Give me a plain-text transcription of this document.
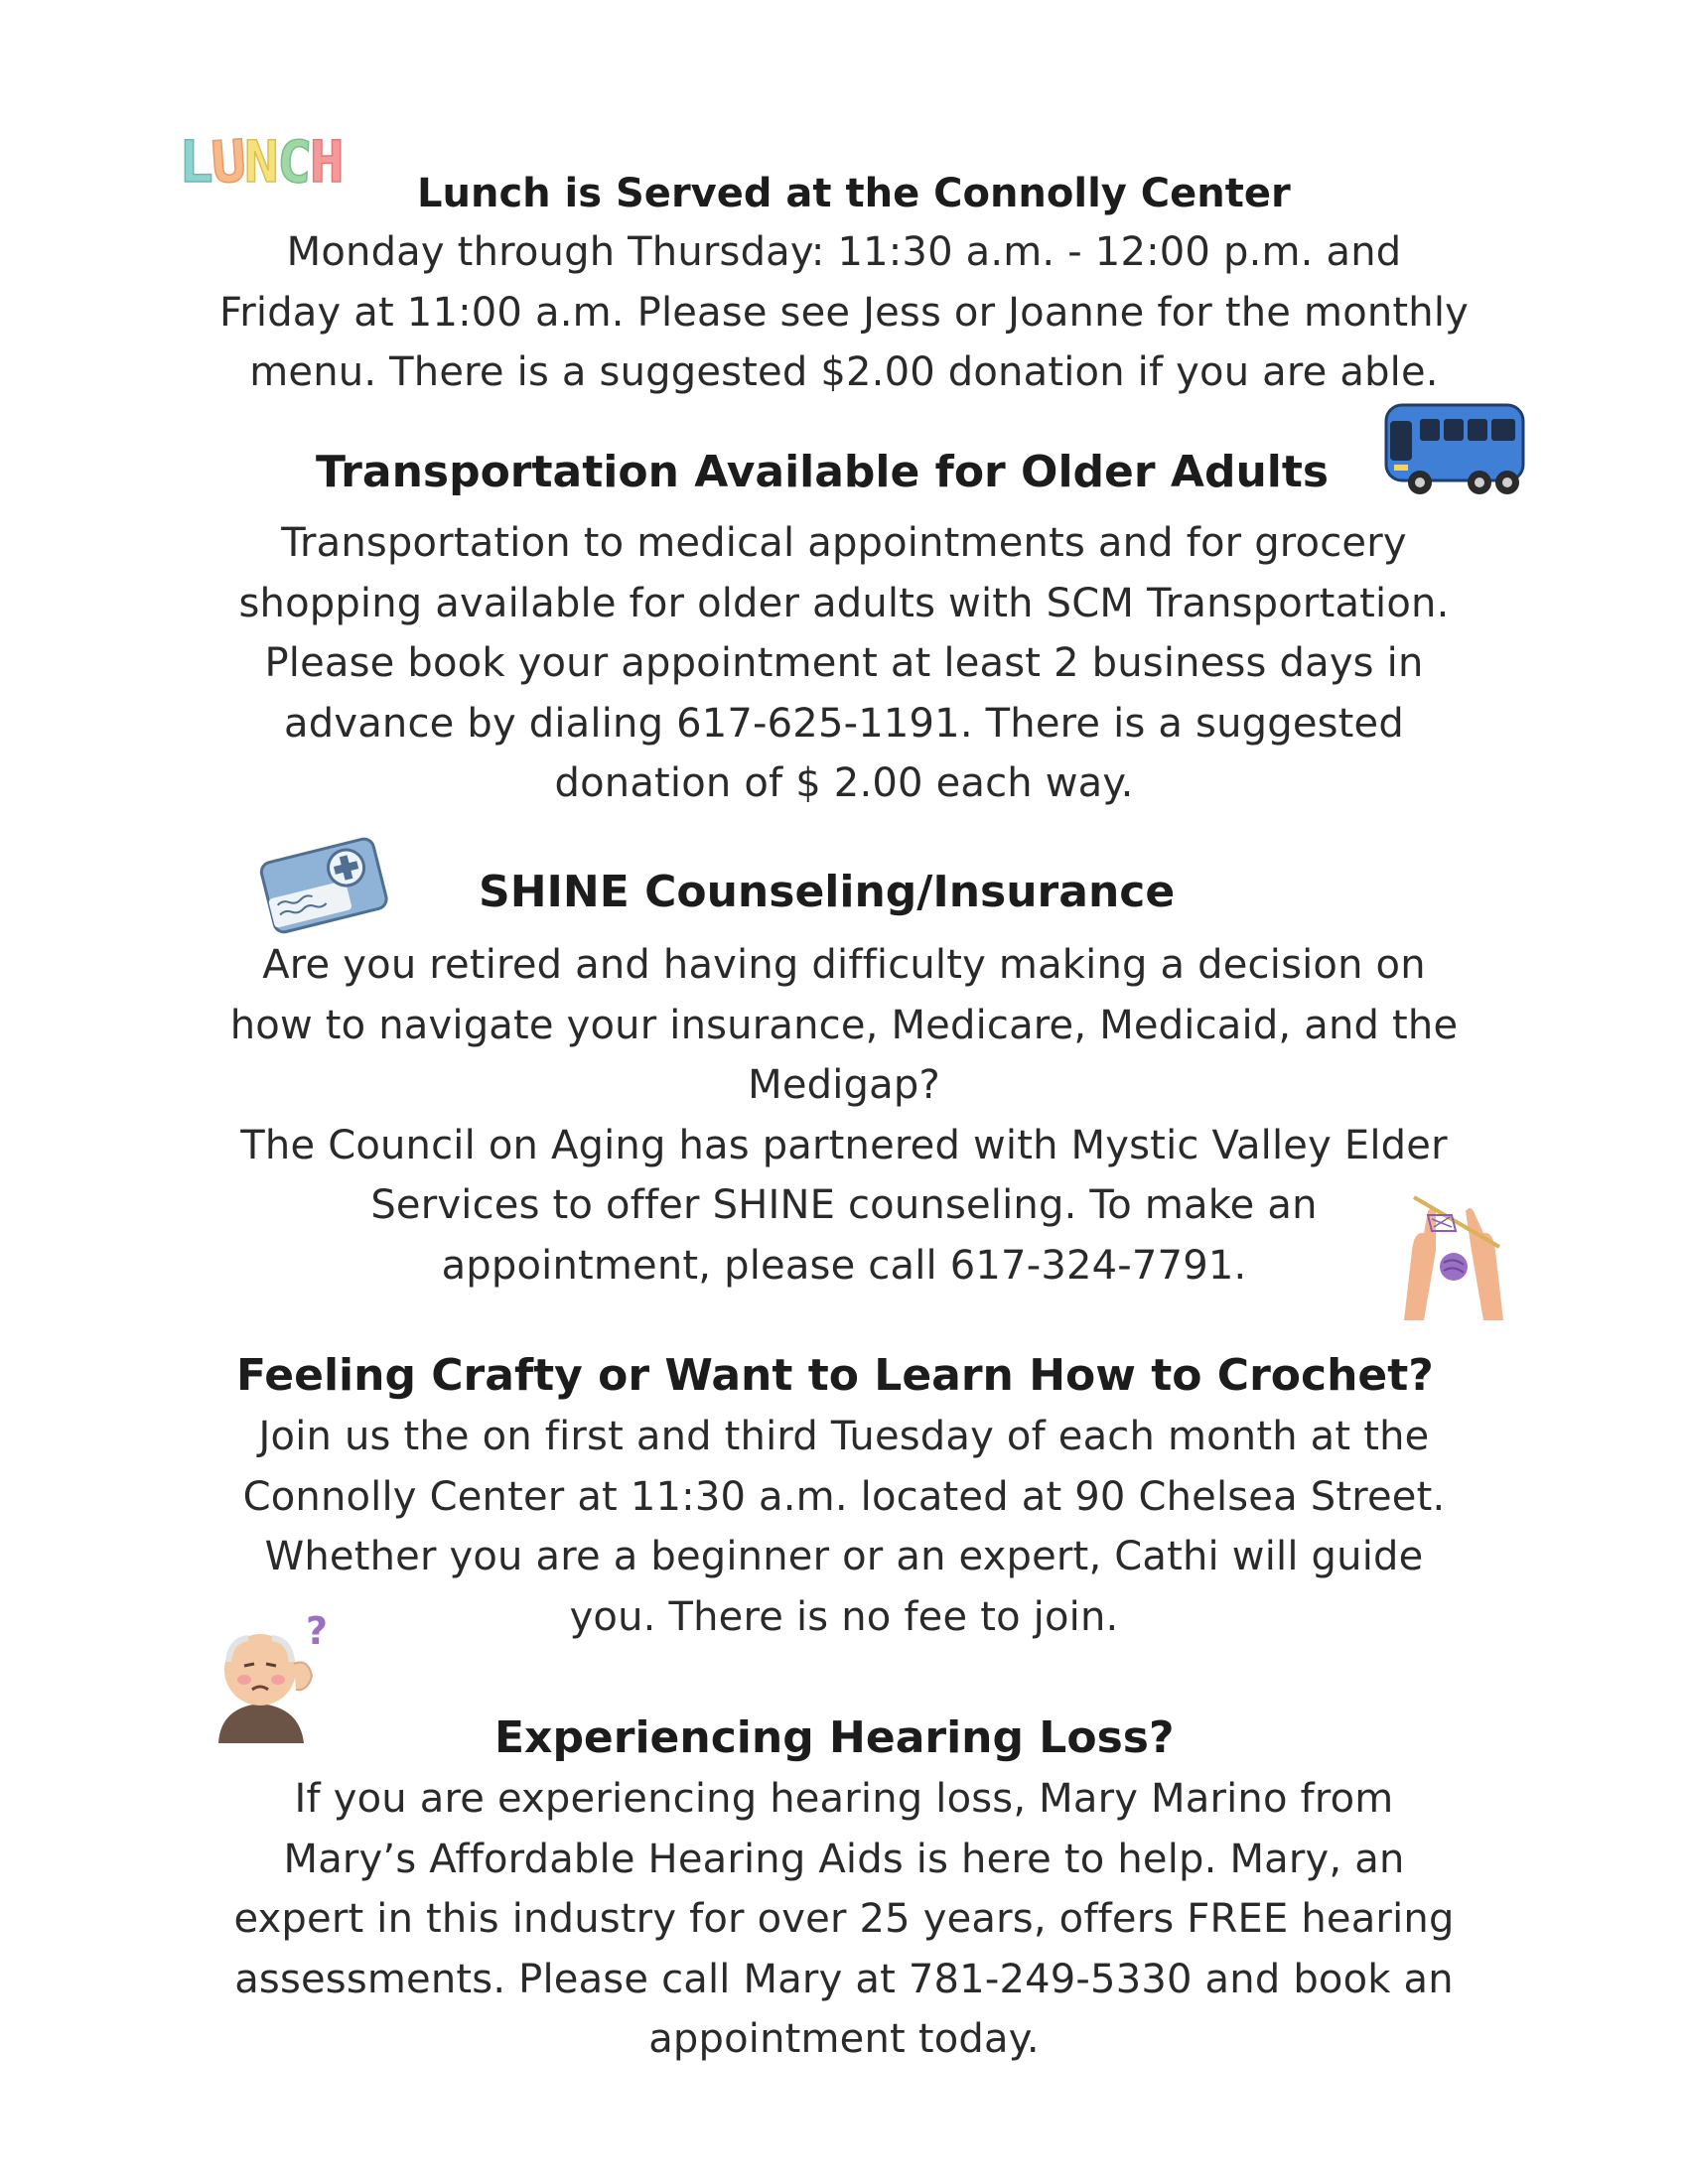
LUNCH	Lunch is Served at the Connolly Center
Monday through Thursday: 11:30 a.m. - 12:00 p.m. and
Friday at 11:00 a.m. Please see Jess or Joanne for the monthly
menu. There is a suggested $2.00 donation if you are able.
Transportation Available for Older Adults
Transportation to medical appointments and for grocery
shopping available for older adults with SCM Transportation.
Please book your appointment at least 2 business days in
advance by dialing 617-625-1191. There is a suggested
donation of $ 2.00 each way.
SHINE Counseling/Insurance
Are you retired and having difficulty making a decision on
how to navigate your insurance, Medicare, Medicaid, and the
Medigap?
The Council on Aging has partnered with Mystic Valley Elder
Services to offer SHINE counseling. To make an
appointment, please call 617-324-7791.
Feeling Crafty or Want to Learn How to Crochet?
Join us the on first and third Tuesday of each month at the
Connolly Center at 11:30 a.m. located at 90 Chelsea Street.
Whether you are a beginner or an expert, Cathi will guide
you. There is no fee to join.
?
Experiencing Hearing Loss?
If you are experiencing hearing loss, Mary Marino from
Mary’s Affordable Hearing Aids is here to help. Mary, an
expert in this industry for over 25 years, offers FREE hearing
assessments. Please call Mary at 781-249-5330 and book an
appointment today.
